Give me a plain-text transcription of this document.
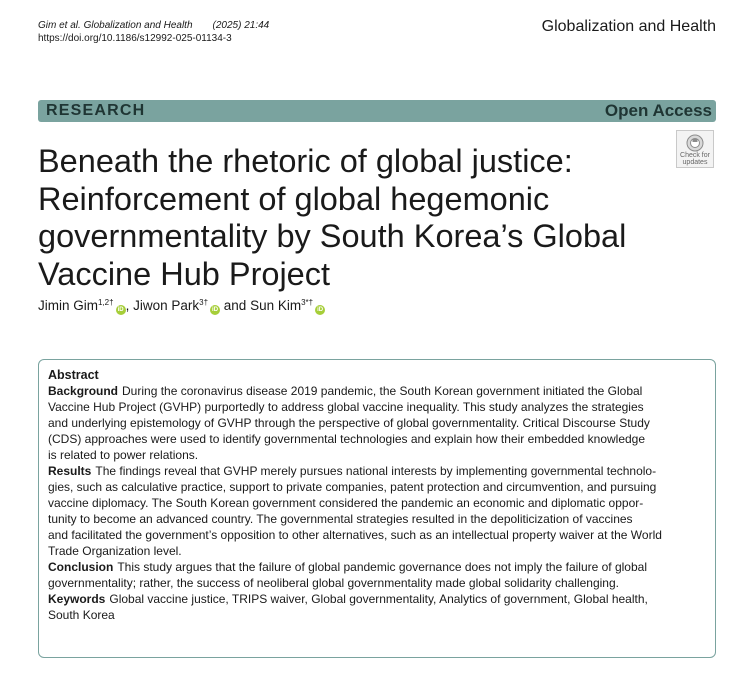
Gim et al. Globalization and Health (2025) 21:44
https://doi.org/10.1186/s12992-025-01134-3
Globalization and Health
RESEARCH	Open Access
Check for
updates
Beneath the rhetoric of global justice:
Reinforcement of global hegemonic
governmentality by South Korea’s Global
Vaccine Hub Project
Jimin Gim$^{1,2\dagger}$iD , Jiwon Park$^{3\dagger}$iD and Sun Kim$^{3*\dagger}$iD
Abstract
Background During the coronavirus disease 2019 pandemic, the South Korean government initiated the Global
Vaccine Hub Project (GVHP) purportedly to address global vaccine inequality. This study analyzes the strategies
and underlying epistemology of GVHP through the perspective of global governmentality. Critical Discourse Study
(CDS) approaches were used to identify governmental technologies and explain how their embedded knowledge
is related to power relations.
Results The findings reveal that GVHP merely pursues national interests by implementing governmental technolo-
gies, such as calculative practice, support to private companies, patent protection and circumvention, and pursuing
vaccine diplomacy. The South Korean government considered the pandemic an economic and diplomatic oppor-
tunity to become an advanced country. The governmental strategies resulted in the depoliticization of vaccines
and facilitated the government’s opposition to other alternatives, such as an intellectual property waiver at the World
Trade Organization level.
Conclusion This study argues that the failure of global pandemic governance does not imply the failure of global
governmentality; rather, the success of neoliberal global governmentality made global solidarity challenging.
Keywords Global vaccine justice, TRIPS waiver, Global governmentality, Analytics of government, Global health,
South Korea
